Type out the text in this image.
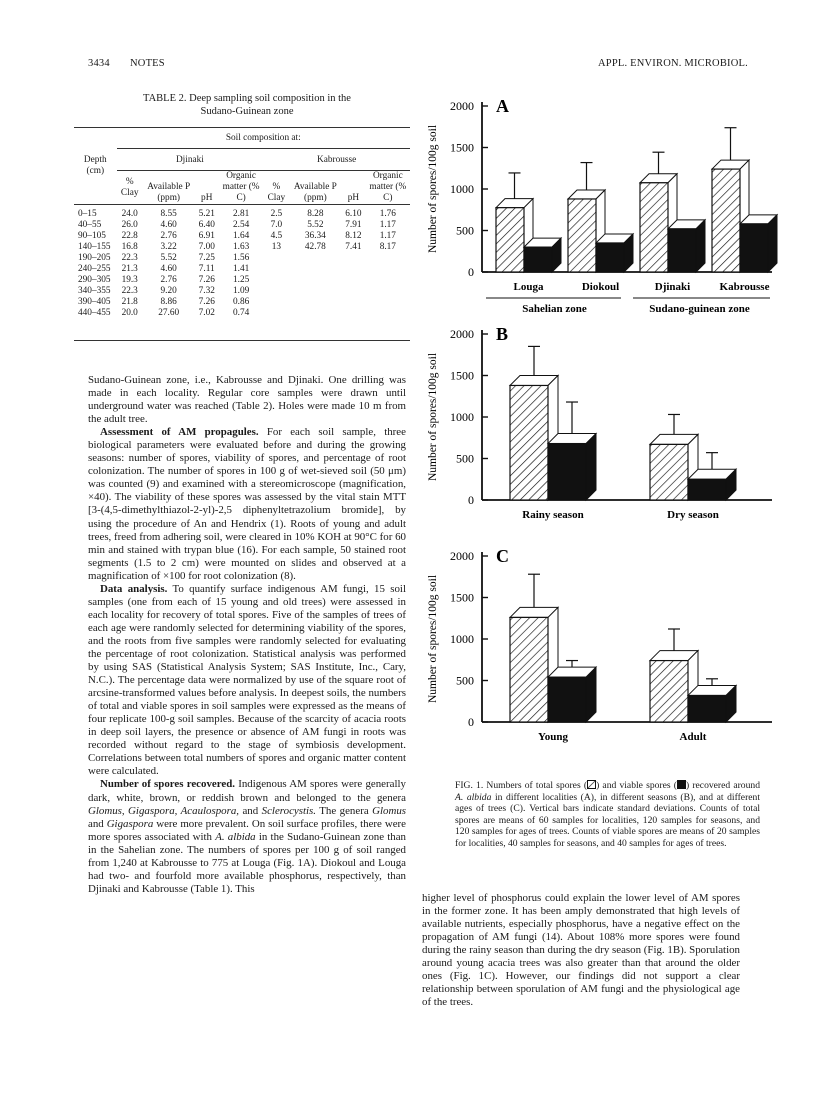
3434 NOTES	APPL. ENVIRON. MICROBIOL.
TABLE 2. Deep sampling soil composition in the
Sudano-Guinean zone
Depth (cm)	Soil composition at:							
	Djinaki				Kabrousse			
	% Clay	Available P (ppm)	pH	Organic matter (% C)	% Clay	Available P (ppm)	pH	Organic matter (% C)
0–15	24.0	8.55	5.21	2.81	2.5	8.28	6.10	1.76
40–55	26.0	4.60	6.40	2.54	7.0	5.52	7.91	1.17
90–105	22.8	2.76	6.91	1.64	4.5	36.34	8.12	1.17
140–155	16.8	3.22	7.00	1.63	13	42.78	7.41	8.17
190–205	22.3	5.52	7.25	1.56				
240–255	21.3	4.60	7.11	1.41				
290–305	19.3	2.76	7.26	1.25				
340–355	22.3	9.20	7.32	1.09				
390–405	21.8	8.86	7.26	0.86				
440–455	20.0	27.60	7.02	0.74				

Sudano-Guinean zone, i.e., Kabrousse and Djinaki. One drilling was made in each locality. Regular core samples were drawn until underground water was reached (Table 2). Holes were made 10 m from the adult tree.

Assessment of AM propagules. For each soil sample, three biological parameters were evaluated before and during the growing seasons: number of spores, viability of spores, and percentage of root colonization. The number of spores in 100 g of wet-sieved soil (50 μm) was counted (9) and examined with a stereomicroscope (magnification, ×40). The viability of these spores was assessed by the vital stain MTT [3-(4,5-dimethylthiazol-2-yl)-2,5 diphenyltetrazolium bromide], by using the procedure of An and Hendrix (1). Roots of young and adult trees, freed from adhering soil, were cleared in 10% KOH at 90°C for 60 min and stained with trypan blue (16). For each sample, 50 stained root segments (1.5 to 2 cm) were mounted on slides and observed at a magnification of ×100 for root colonization (8).

Data analysis. To quantify surface indigenous AM fungi, 15 soil samples (one from each of 15 young and old trees) were assessed in each locality for recovery of total spores. Five of the samples of trees of each age were randomly selected for determining viability of the spores, and the roots from five samples were randomly selected for evaluating the percentage of root colonization. Statistical analysis was performed by using SAS (Statistical Analysis System; SAS Institute, Inc., Cary, N.C.). The percentage data were normalized by use of the square root of arcsine-transformed values before analysis. In deepest soils, the numbers of total and viable spores in soil samples were expressed as the means of four replicate 100-g soil samples. Because of the scarcity of acacia roots in deep soil layers, the presence or absence of AM fungi in roots was recorded without regard to the stage of symbiosis development. Correlations between total numbers of spores and organic matter content were calculated.

Number of spores recovered. Indigenous AM spores were generally dark, white, brown, or reddish brown and belonged to the genera Glomus, Gigaspora, Acaulospora, and Sclerocystis. The genera Glomus and Gigaspora were more prevalent. On soil surface profiles, there were more spores associated with A. albida in the Sudano-Guinean zone than in the Sahelian zone. The numbers of spores per 100 g of soil ranged from 1,240 at Kabrousse to 775 at Louga (Fig. 1A). Diokoul and Louga had two- and fourfold more available phosphorus, respectively, than Djinaki and Kabrousse (Table 1). This

Number of spores/100g soil
0
500
1000
1500
2000 A
Louga	Diokoul	Djinaki	Kabrousse
Sahelian zone	Sudano-guinean zone
Number of spores/100g soil
0
500
1000
1500
2000 B
Rainy season	Dry season
Number of spores/100g soil
0
500
1000
1500
2000 C
Young	Adult
FIG. 1. Numbers of total spores ( ) and viable spores ( ) recovered around A. albida in different localities (A), in different seasons (B), and at different ages of trees (C). Vertical bars indicate standard deviations. Counts of total spores are means of 60 samples for localities, 120 samples for seasons, and 120 samples for ages of trees. Counts of viable spores are means of 20 samples for localities, 40 samples for seasons, and 40 samples for ages of trees.

higher level of phosphorus could explain the lower level of AM spores in the former zone. It has been amply demonstrated that high levels of available nutrients, especially phosphorus, have a negative effect on the propagation of AM fungi (14). About 108% more spores were found during the rainy season than during the dry season (Fig. 1B). Sporulation around young acacia trees was also greater than that around the older ones (Fig. 1C). However, our findings did not support a clear relationship between sporulation of AM fungi and the physiological age of the trees.
